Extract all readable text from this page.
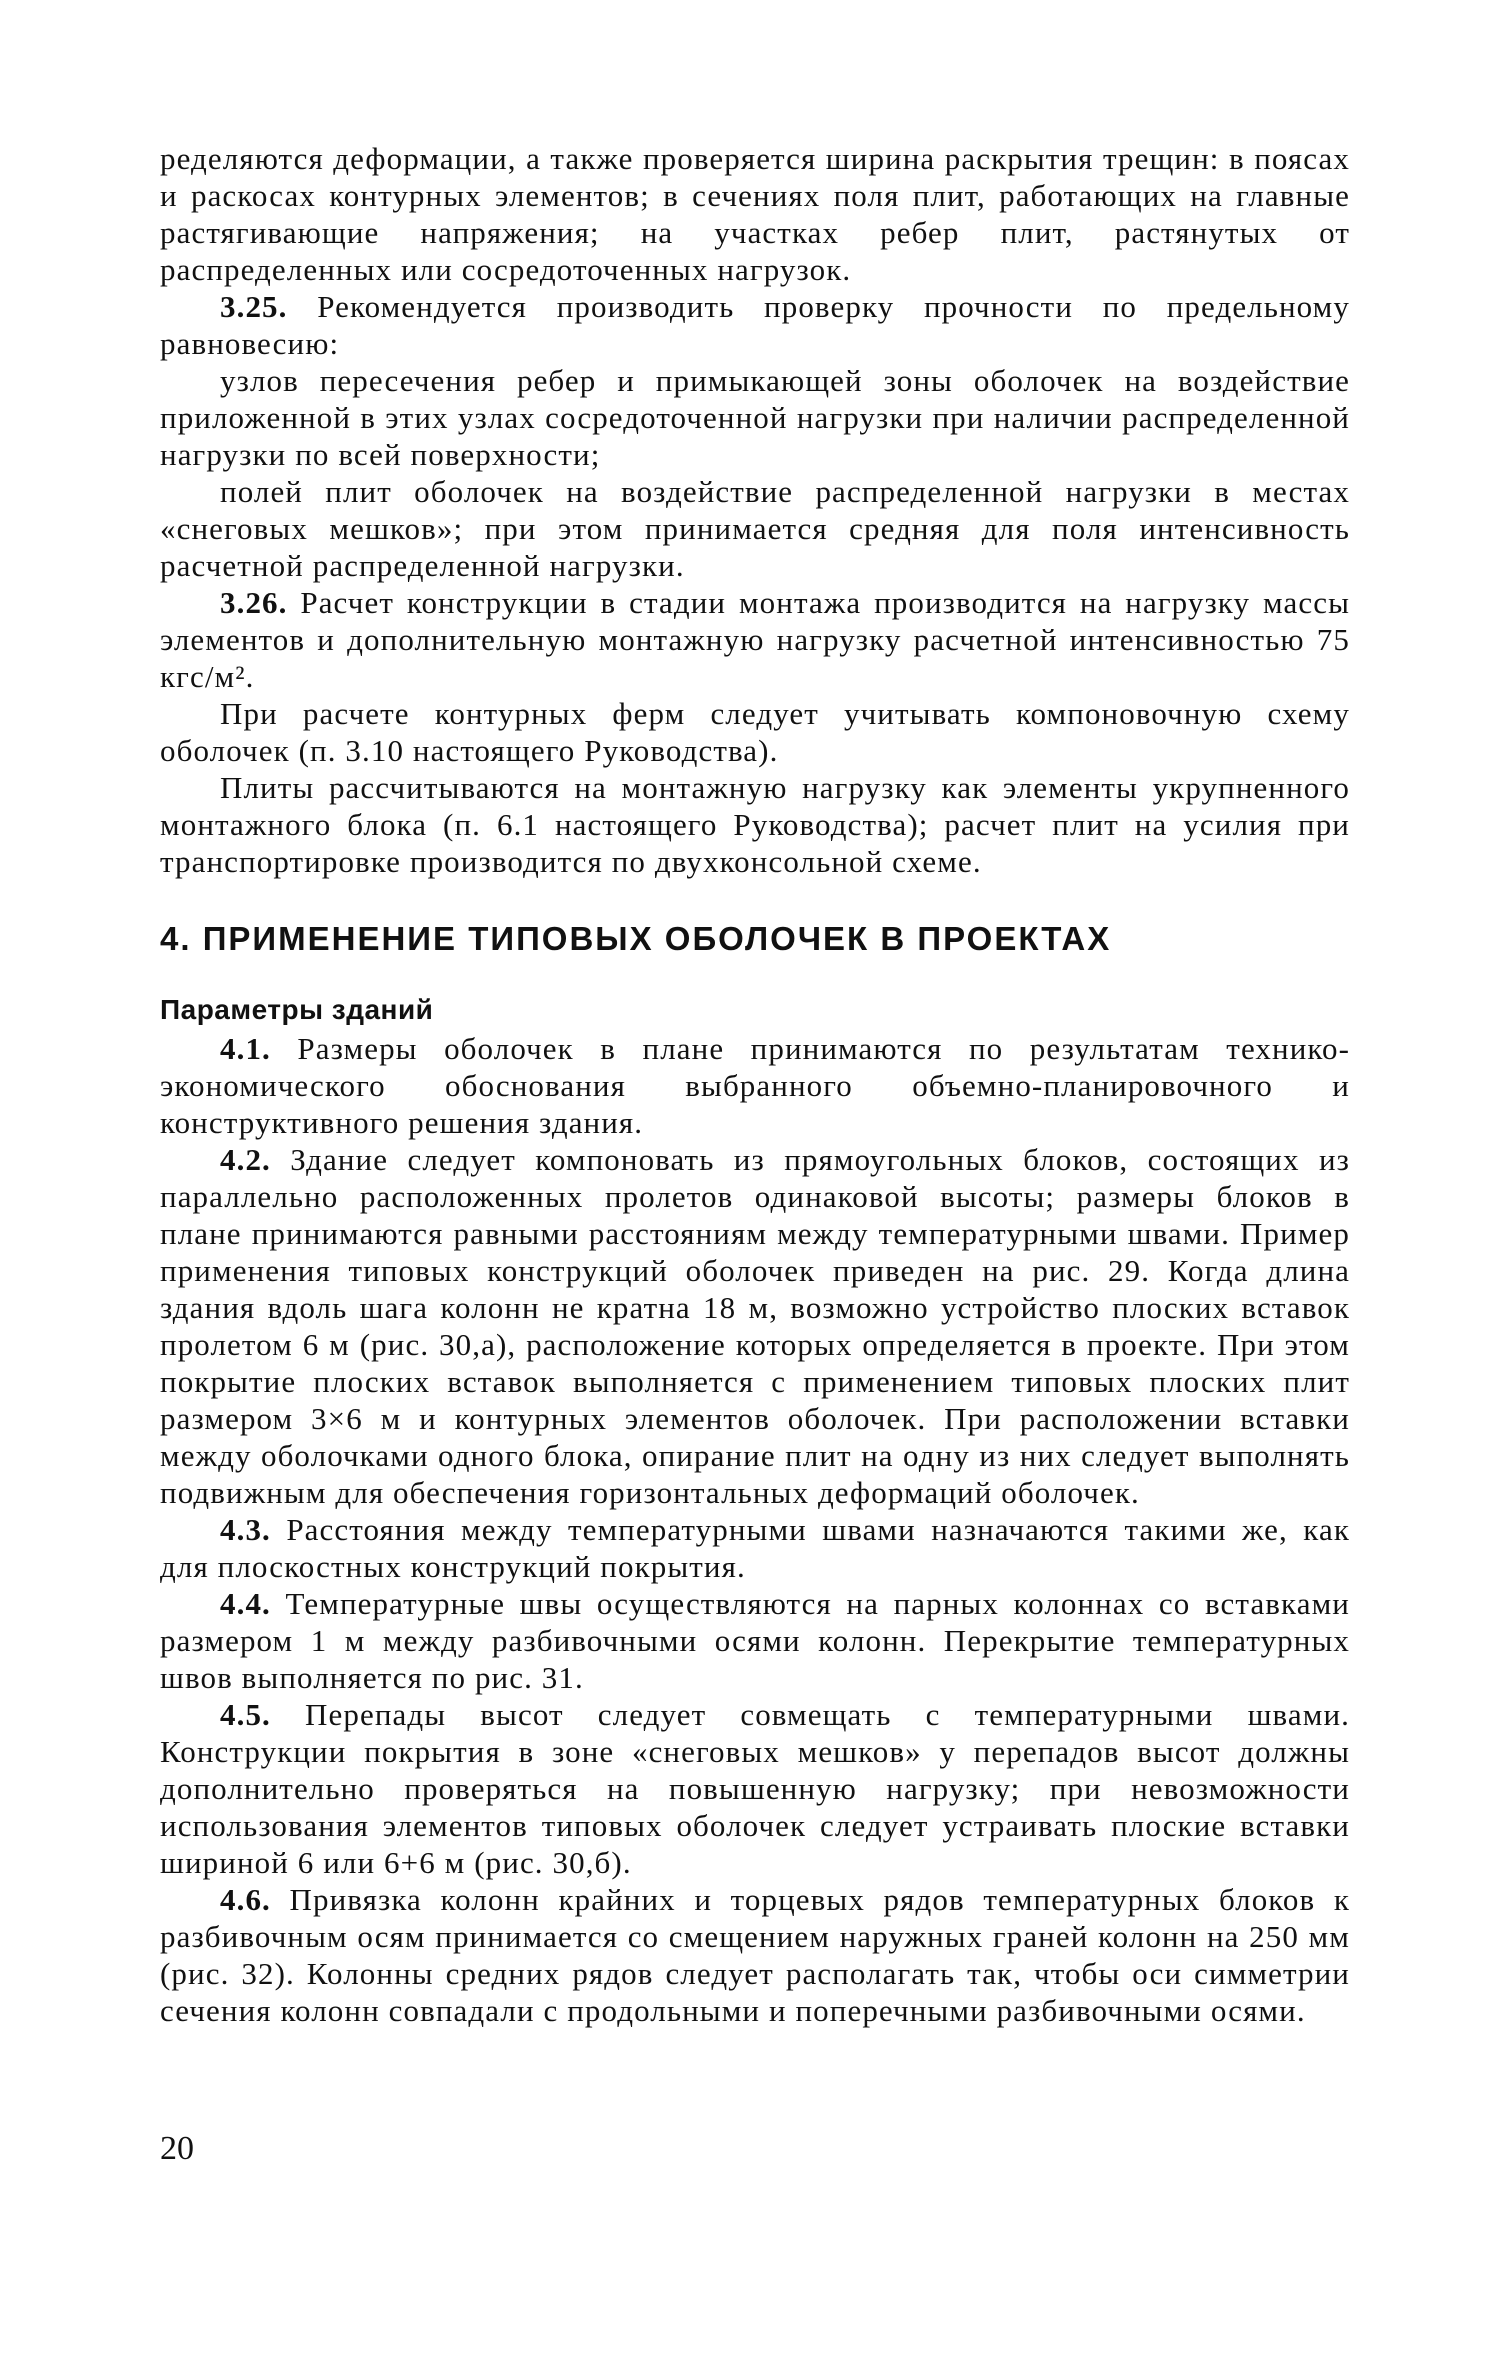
ределяются деформации, а также проверяется ширина раскрытия трещин: в поясах и раскосах контурных элементов; в сечениях поля плит, работающих на главные растягивающие напряжения; на участках ребер плит, растянутых от распределенных или сосредоточенных нагрузок.

3.25. Рекомендуется производить проверку прочности по предельному равновесию:

узлов пересечения ребер и примыкающей зоны оболочек на воздействие приложенной в этих узлах сосредоточенной нагрузки при наличии распределенной нагрузки по всей поверхности;

полей плит оболочек на воздействие распределенной нагрузки в местах «снеговых мешков»; при этом принимается средняя для поля интенсивность расчетной распределенной нагрузки.

3.26. Расчет конструкции в стадии монтажа производится на нагрузку массы элементов и дополнительную монтажную нагрузку расчетной интенсивностью 75 кгс/м².

При расчете контурных ферм следует учитывать компоновочную схему оболочек (п. 3.10 настоящего Руководства).

Плиты рассчитываются на монтажную нагрузку как элементы укрупненного монтажного блока (п. 6.1 настоящего Руководства); расчет плит на усилия при транспортировке производится по двухконсольной схеме.

4. ПРИМЕНЕНИЕ ТИПОВЫХ ОБОЛОЧЕК В ПРОЕКТАХ
Параметры зданий

4.1. Размеры оболочек в плане принимаются по результатам технико-экономического обоснования выбранного объемно-планировочного и конструктивного решения здания.

4.2. Здание следует компоновать из прямоугольных блоков, состоящих из параллельно расположенных пролетов одинаковой высоты; размеры блоков в плане принимаются равными расстояниям между температурными швами. Пример применения типовых конструкций оболочек приведен на рис. 29. Когда длина здания вдоль шага колонн не кратна 18 м, возможно устройство плоских вставок пролетом 6 м (рис. 30,а), расположение которых определяется в проекте. При этом покрытие плоских вставок выполняется с применением типовых плоских плит размером 3×6 м и контурных элементов оболочек. При расположении вставки между оболочками одного блока, опирание плит на одну из них следует выполнять подвижным для обеспечения горизонтальных деформаций оболочек.

4.3. Расстояния между температурными швами назначаются такими же, как для плоскостных конструкций покрытия.

4.4. Температурные швы осуществляются на парных колоннах со вставками размером 1 м между разбивочными осями колонн. Перекрытие температурных швов выполняется по рис. 31.

4.5. Перепады высот следует совмещать с температурными швами. Конструкции покрытия в зоне «снеговых мешков» у перепадов высот должны дополнительно проверяться на повышенную нагрузку; при невозможности использования элементов типовых оболочек следует устраивать плоские вставки шириной 6 или 6+6 м (рис. 30,б).

4.6. Привязка колонн крайних и торцевых рядов температурных блоков к разбивочным осям принимается со смещением наружных граней колонн на 250 мм (рис. 32). Колонны средних рядов следует располагать так, чтобы оси симметрии сечения колонн совпадали с продольными и поперечными разбивочными осями.

20
